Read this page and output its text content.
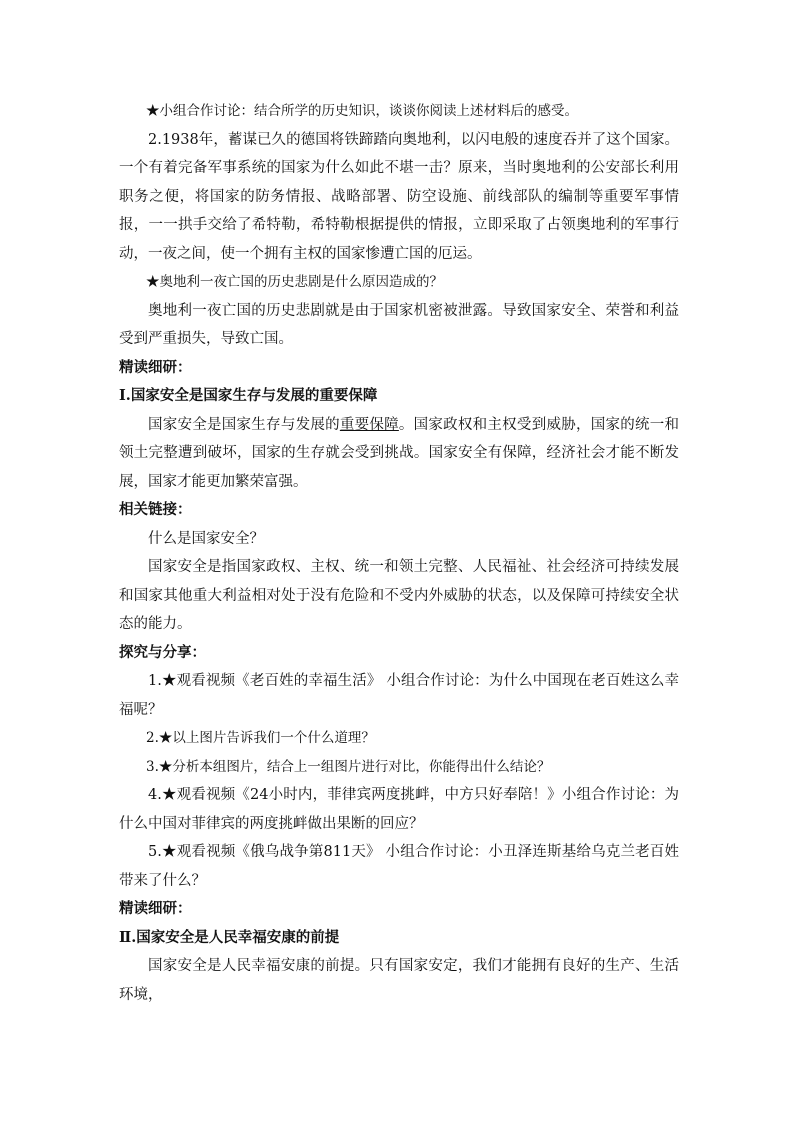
★小组合作讨论：结合所学的历史知识，谈谈你阅读上述材料后的感受。

2.1938年，蓄谋已久的德国将铁蹄踏向奥地利，以闪电般的速度吞并了这个国家。一个有着完备军事系统的国家为什么如此不堪一击？原来，当时奥地利的公安部长利用职务之便，将国家的防务情报、战略部署、防空设施、前线部队的编制等重要军事情报，一一拱手交给了希特勒，希特勒根据提供的情报，立即采取了占领奥地利的军事行动，一夜之间，使一个拥有主权的国家惨遭亡国的厄运。

★奥地利一夜亡国的历史悲剧是什么原因造成的？

奥地利一夜亡国的历史悲剧就是由于国家机密被泄露。导致国家安全、荣誉和利益受到严重损失，导致亡国。

精读细研：

Ⅰ.国家安全是国家生存与发展的重要保障

国家安全是国家生存与发展的重要保障。国家政权和主权受到威胁，国家的统一和领土完整遭到破坏，国家的生存就会受到挑战。国家安全有保障，经济社会才能不断发展，国家才能更加繁荣富强。

相关链接：

什么是国家安全？

国家安全是指国家政权、主权、统一和领土完整、人民福祉、社会经济可持续发展和国家其他重大利益相对处于没有危险和不受内外威胁的状态，以及保障可持续安全状态的能力。

探究与分享：

1.★观看视频《老百姓的幸福生活》 小组合作讨论：为什么中国现在老百姓这么幸福呢？

2.★以上图片告诉我们一个什么道理？

3.★分析本组图片，结合上一组图片进行对比，你能得出什么结论？

4.★观看视频《24小时内，菲律宾两度挑衅，中方只好奉陪！》小组合作讨论：为什么中国对菲律宾的两度挑衅做出果断的回应？

5.★观看视频《俄乌战争第811天》 小组合作讨论：小丑泽连斯基给乌克兰老百姓带来了什么？

精读细研：

Ⅱ.国家安全是人民幸福安康的前提

国家安全是人民幸福安康的前提。只有国家安定，我们才能拥有良好的生产、生活环境，
